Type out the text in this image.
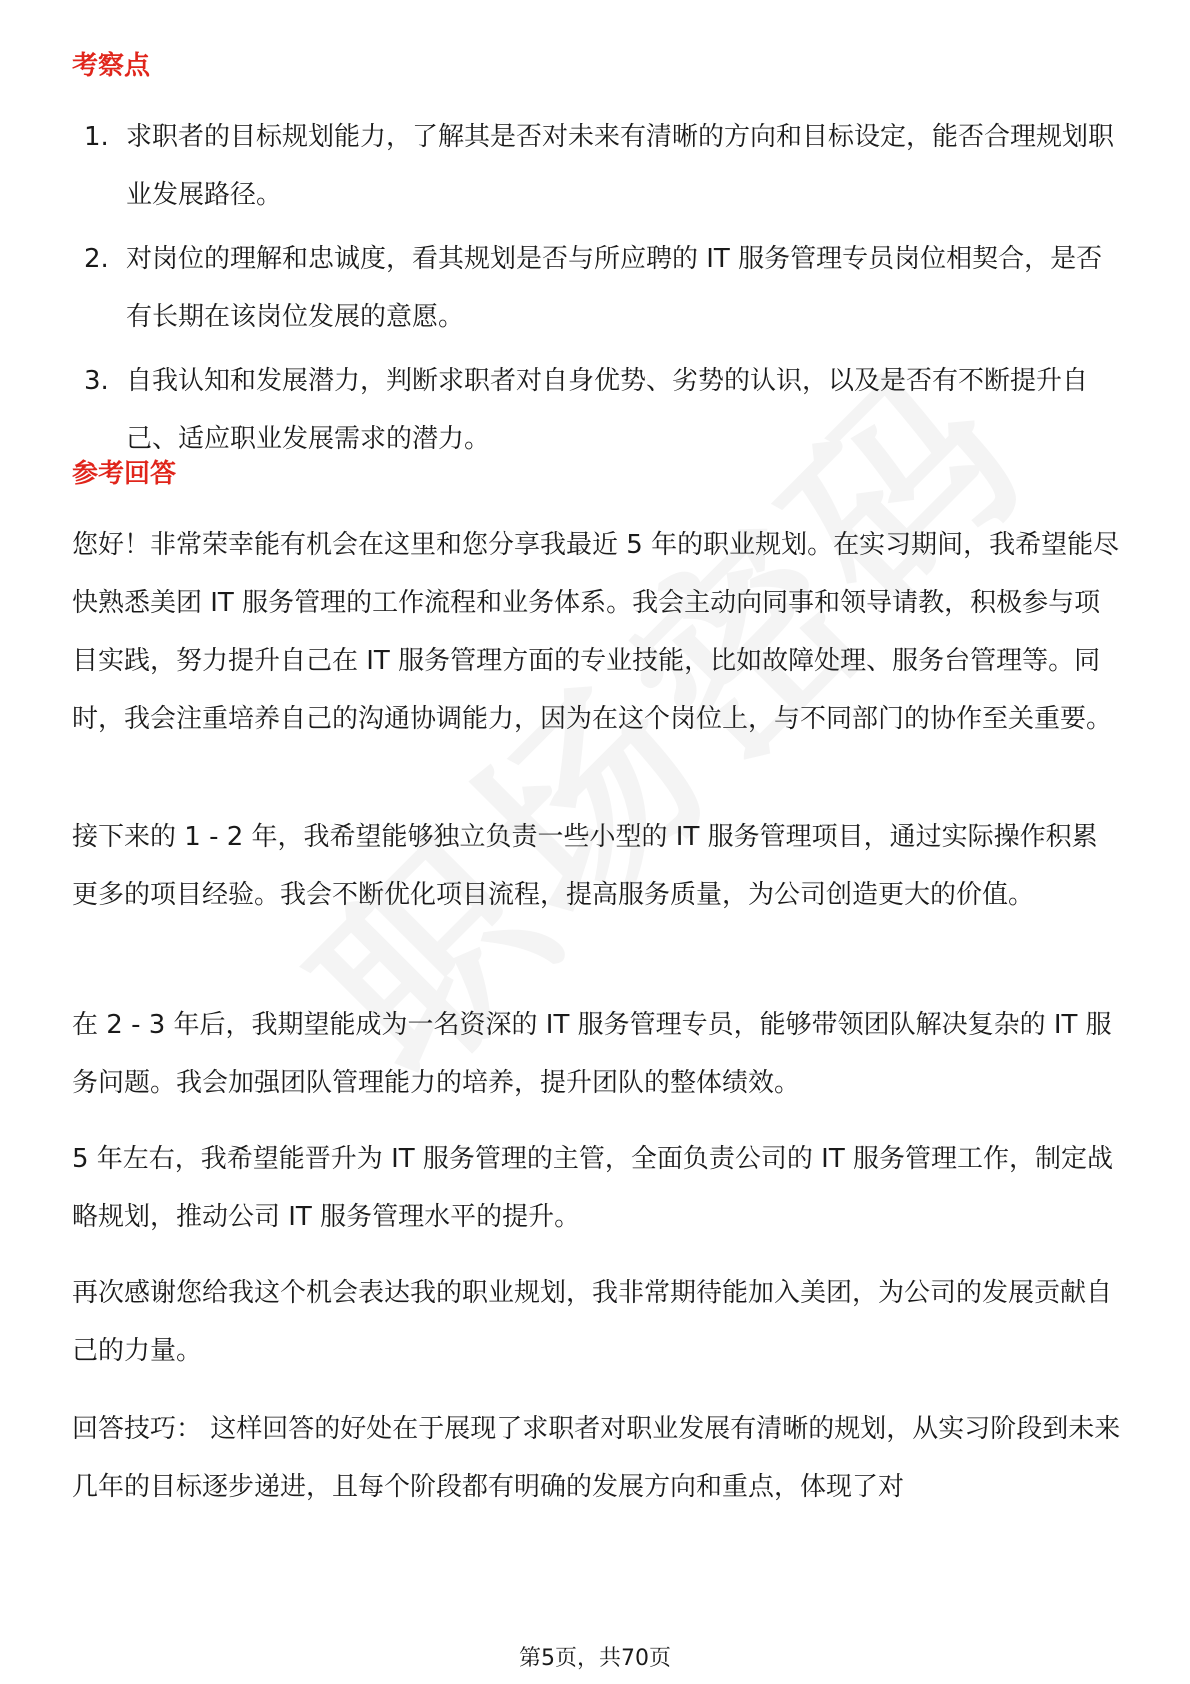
考察点
1. 求职者的目标规划能力，了解其是否对未来有清晰的方向和目标设定，能否合理规划职业发展路径。
2. 对岗位的理解和忠诚度，看其规划是否与所应聘的 IT 服务管理专员岗位相契合，是否有长期在该岗位发展的意愿。
3. 自我认知和发展潜力，判断求职者对自身优势、劣势的认识，以及是否有不断提升自己、适应职业发展需求的潜力。
参考回答

您好！非常荣幸能有机会在这里和您分享我最近 5 年的职业规划。在实习期间，我希望能尽快熟悉美团 IT 服务管理的工作流程和业务体系。我会主动向同事和领导请教，积极参与项目实践，努力提升自己在 IT 服务管理方面的专业技能，比如故障处理、服务台管理等。同时，我会注重培养自己的沟通协调能力，因为在这个岗位上，与不同部门的协作至关重要。

接下来的 1 - 2 年，我希望能够独立负责一些小型的 IT 服务管理项目，通过实际操作积累更多的项目经验。我会不断优化项目流程，提高服务质量，为公司创造更大的价值。

在 2 - 3 年后，我期望能成为一名资深的 IT 服务管理专员，能够带领团队解决复杂的 IT 服务问题。我会加强团队管理能力的培养，提升团队的整体绩效。

5 年左右，我希望能晋升为 IT 服务管理的主管，全面负责公司的 IT 服务管理工作，制定战略规划，推动公司 IT 服务管理水平的提升。

再次感谢您给我这个机会表达我的职业规划，我非常期待能加入美团，为公司的发展贡献自己的力量。

回答技巧： 这样回答的好处在于展现了求职者对职业发展有清晰的规划，从实习阶段到未来几年的目标逐步递进，且每个阶段都有明确的发展方向和重点，体现了对

第5页，共70页
